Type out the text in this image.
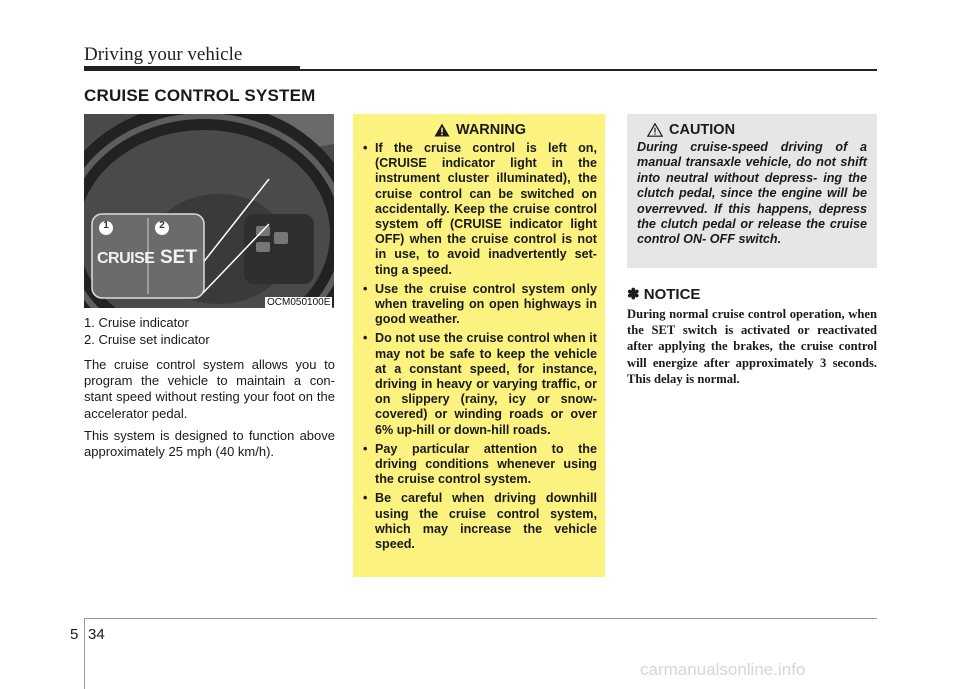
Driving your vehicle
CRUISE CONTROL SYSTEM
1	2
CRUISE SET
OCM050100E
1. Cruise indicator
2. Cruise set indicator
The cruise control system allows you to program the vehicle to maintain a con- stant speed without resting your foot on the accelerator pedal.
This system is designed to function above approximately 25 mph (40 km/h).
WARNING
• If the cruise control is left on, (CRUISE indicator light in the instrument cluster illuminated), the cruise control can be switched on accidentally. Keep the cruise control system off (CRUISE indicator light OFF) when the cruise control is not in use, to avoid inadvertently set- ting a speed.
• Use the cruise control system only when traveling on open highways in good weather.
• Do not use the cruise control when it may not be safe to keep the vehicle at a constant speed, for instance, driving in heavy or varying traffic, or on slippery (rainy, icy or snow-covered) or winding roads or over 6% up-hill or down-hill roads.
• Pay particular attention to the driving conditions whenever using the cruise control system.
• Be careful when driving downhill using the cruise control system, which may increase the vehicle speed.
CAUTION
During cruise-speed driving of a manual transaxle vehicle, do not shift into neutral without depress- ing the clutch pedal, since the engine will be overrevved. If this happens, depress the clutch pedal or release the cruise control ON- OFF switch.
✽ NOTICE
During normal cruise control operation, when the SET switch is activated or reactivated after applying the brakes, the cruise control will energize after approximately 3 seconds. This delay is normal.
5 34
carmanualsonline.info
